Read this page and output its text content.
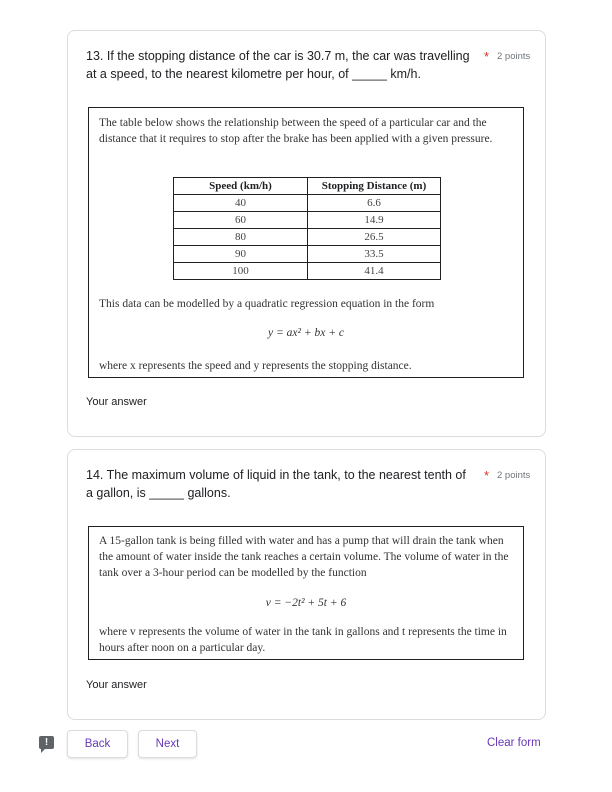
13. If the stopping distance of the car is 30.7 m, the car was travelling at a speed, to the nearest kilometre per hour, of _____ km/h.
* 2 points

The table below shows the relationship between the speed of a particular car and the distance that it requires to stop after the brake has been applied with a given pressure.

Speed (km/h)	Stopping Distance (m)
40	6.6
60	14.9
80	26.5
90	33.5
100	41.4

This data can be modelled by a quadratic regression equation in the form

y = ax² + bx + c

where x represents the speed and y represents the stopping distance.

Your answer
14. The maximum volume of liquid in the tank, to the nearest tenth of a gallon, is _____ gallons.
* 2 points

A 15-gallon tank is being filled with water and has a pump that will drain the tank when the amount of water inside the tank reaches a certain volume. The volume of water in the tank over a 3-hour period can be modelled by the function

v = −2t² + 5t + 6

where v represents the volume of water in the tank in gallons and t represents the time in hours after noon on a particular day.

Your answer
!	Back	Next	Clear form
